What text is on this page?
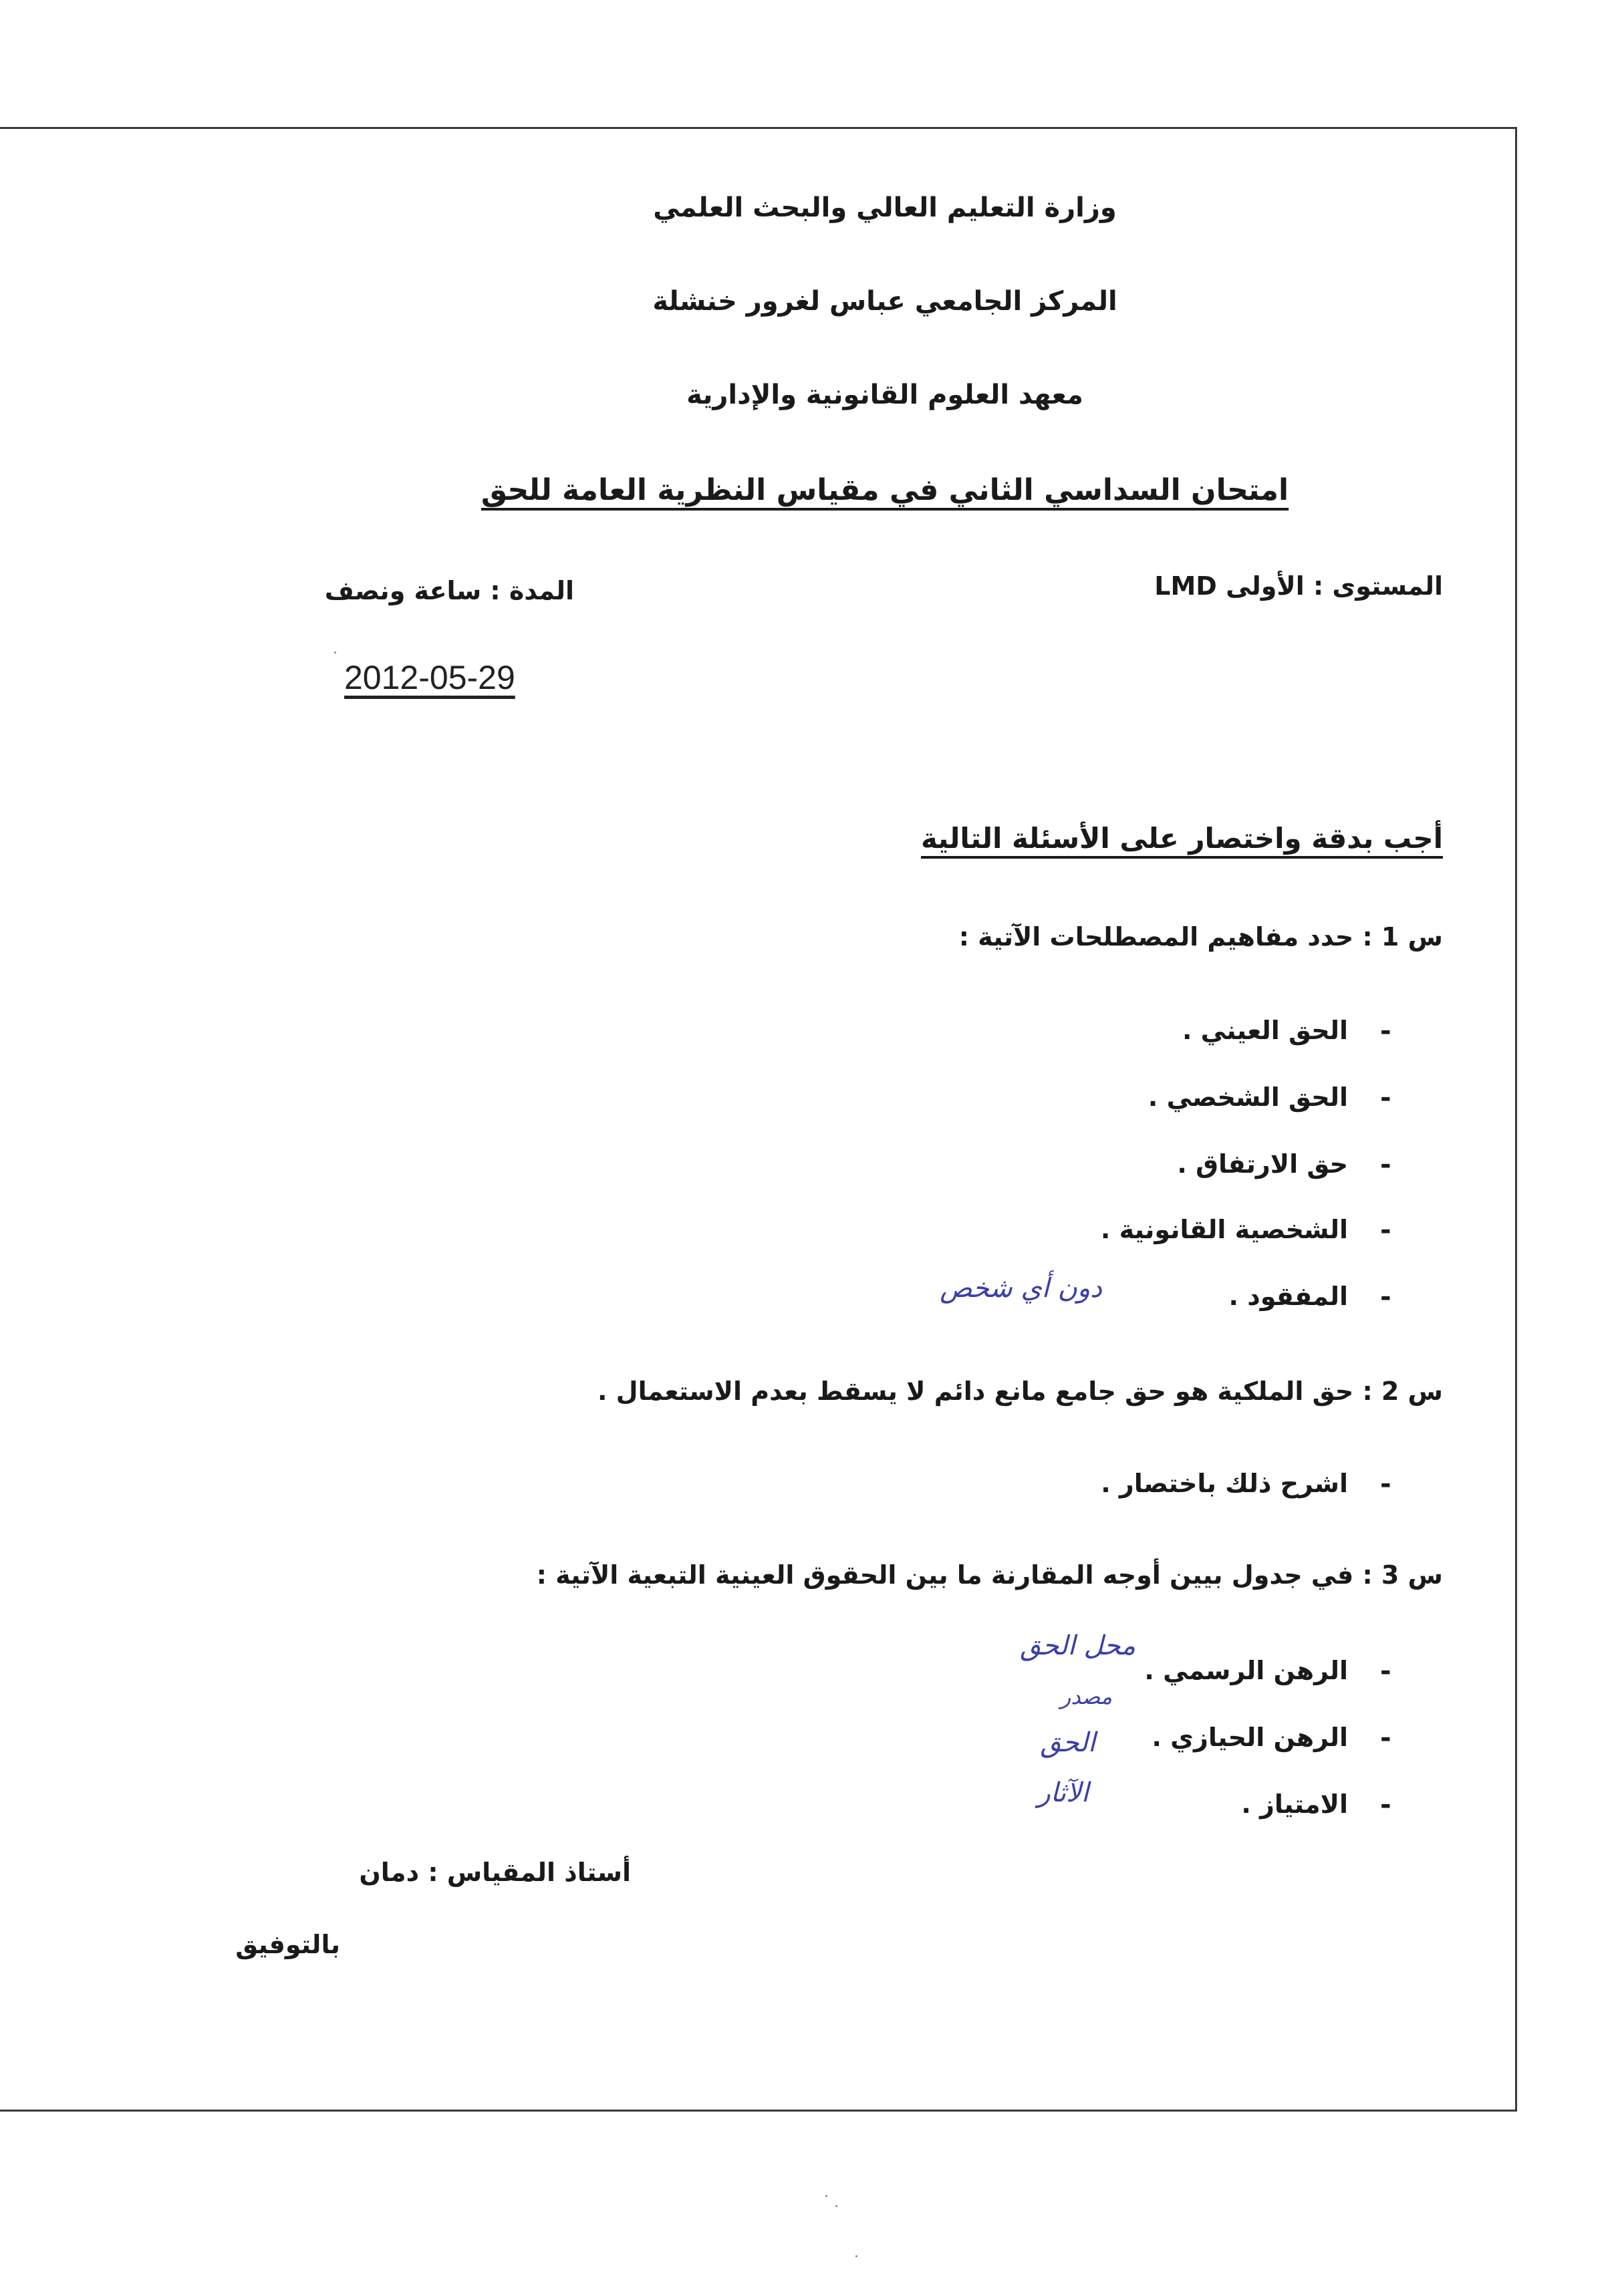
وزارة التعليم العالي والبحث العلمي
المركز الجامعي عباس لغرور خنشلة
معهد العلوم القانونية والإدارية
امتحان السداسي الثاني في مقياس النظرية العامة للحق
المستوى : الأولى LMD
المدة : ساعة ونصف
2012-05-29
أجب بدقة واختصار على الأسئلة التالية
س 1 : حدد مفاهيم المصطلحات الآتية :
-
الحق العيني .
-
الحق الشخصي .
-
حق الارتفاق .
-
الشخصية القانونية .
-
المفقود .
دون أي شخص
س 2 : حق الملكية هو حق جامع مانع دائم لا يسقط بعدم الاستعمال .
-
اشرح ذلك باختصار .
س 3 : في جدول بيين أوجه المقارنة ما بين الحقوق العينية التبعية الآتية :
-
الرهن الرسمي .
-
الرهن الحيازي .
-
الامتياز .
محل الحق
مصدر
الحق
الآثار
أستاذ المقياس : دمان
بالتوفيق
